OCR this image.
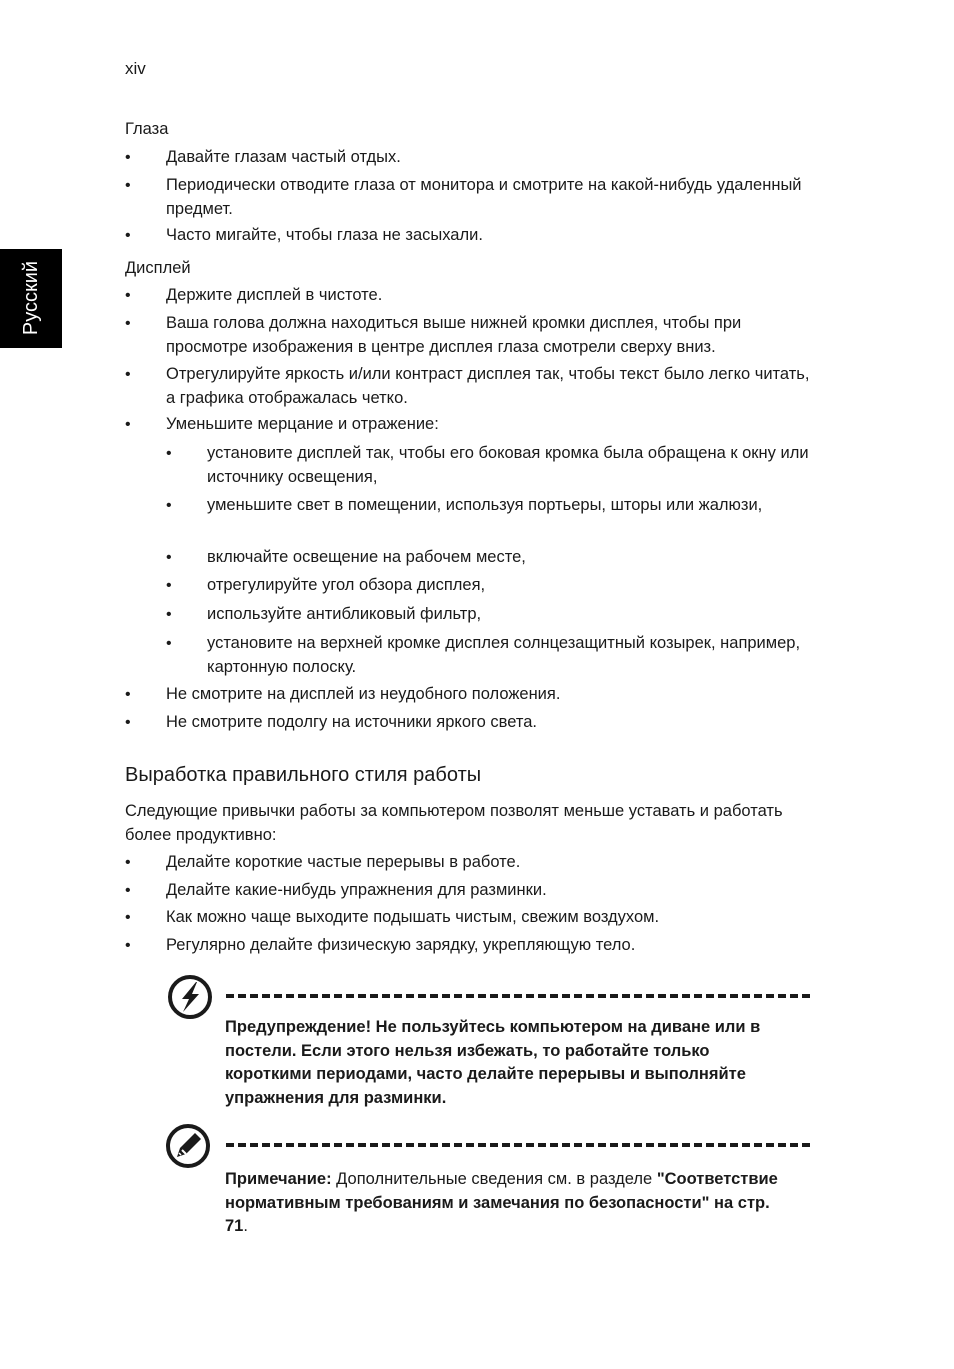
xiv
Русский
Глаза
• Давайте глазам частый отдых.
• Периодически отводите глаза от монитора и смотрите на какой-нибудь удаленный предмет.
• Часто мигайте, чтобы глаза не засыхали.
Дисплей
• Держите дисплей в чистоте.
• Ваша голова должна находиться выше нижней кромки дисплея, чтобы при просмотре изображения в центре дисплея глаза смотрели сверху вниз.
• Отрегулируйте яркость и/или контраст дисплея так, чтобы текст было легко читать, а графика отображалась четко.
• Уменьшите мерцание и отражение:
• установите дисплей так, чтобы его боковая кромка была обращена к окну или источнику освещения,
• уменьшите свет в помещении, используя портьеры, шторы или жалюзи,
• включайте освещение на рабочем месте,
• отрегулируйте угол обзора дисплея,
• используйте антибликовый фильтр,
• установите на верхней кромке дисплея солнцезащитный козырек, например, картонную полоску.
• Не смотрите на дисплей из неудобного положения.
• Не смотрите подолгу на источники яркого света.
Выработка правильного стиля работы
Следующие привычки работы за компьютером позволят меньше уставать и работать более продуктивно:
• Делайте короткие частые перерывы в работе.
• Делайте какие-нибудь упражнения для разминки.
• Как можно чаще выходите подышать чистым, свежим воздухом.
• Регулярно делайте физическую зарядку, укрепляющую тело.
Предупреждение! Не пользуйтесь компьютером на диване или в постели. Если этого нельзя избежать, то работайте только короткими периодами, часто делайте перерывы и выполняйте упражнения для разминки.
Примечание: Дополнительные сведения см. в разделе "Соответствие нормативным требованиям и замечания по безопасности" на стр. 71.
